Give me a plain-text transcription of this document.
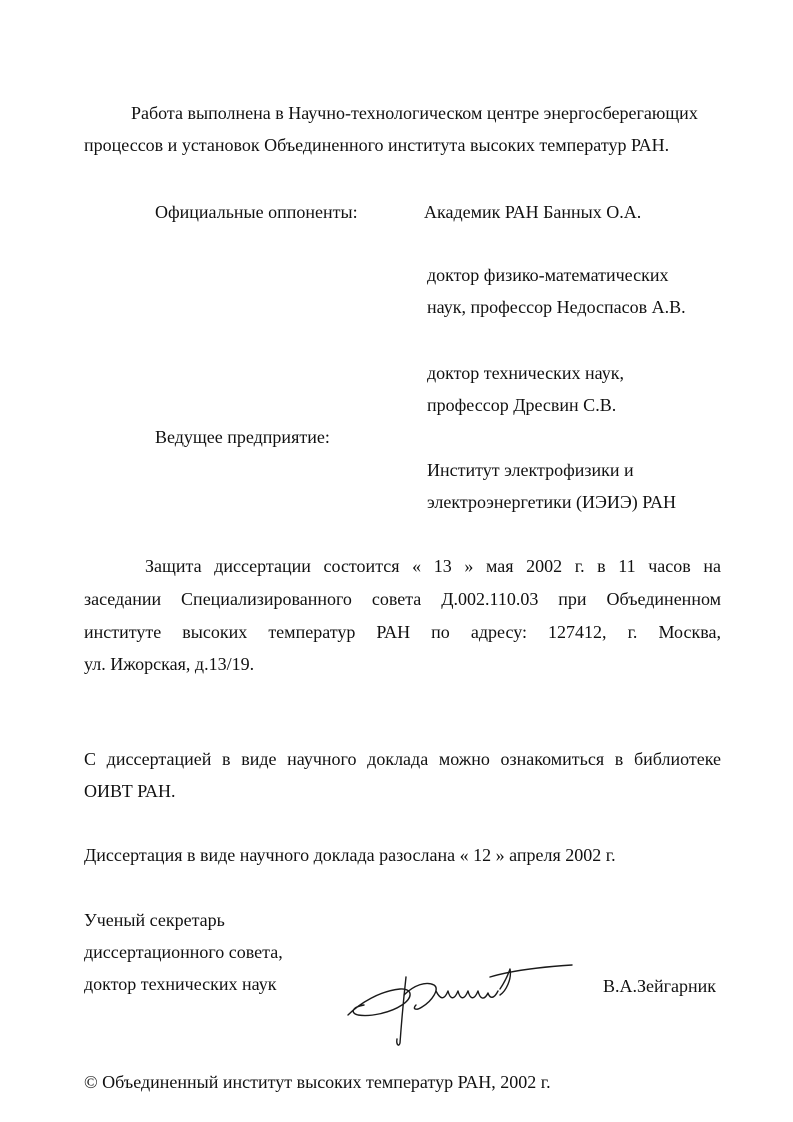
Работа выполнена в Научно-технологическом центре энергосберегающих
процессов и установок Объединенного института высоких температур РАН.
Официальные оппоненты:	Академик РАН Банных О.А.
доктор физико-математических
наук, профессор Недоспасов А.В.
доктор технических наук,
профессор Дресвин С.В.
Ведущее предприятие:
Институт электрофизики и
электроэнергетики (ИЭИЭ) РАН
Защита диссертации состоится « 13 » мая 2002 г. в 11 часов на
заседании Специализированного совета Д.002.110.03 при Объединенном
институте высоких температур РАН по адресу: 127412, г. Москва,
ул. Ижорская, д.13/19.
С диссертацией в виде научного доклада можно ознакомиться в библиотеке
ОИВТ РАН.
Диссертация в виде научного доклада разослана « 12 » апреля 2002 г.
Ученый секретарь
диссертационного совета,
доктор технических наук	В.А.Зейгарник
© Объединенный институт высоких температур РАН, 2002 г.
